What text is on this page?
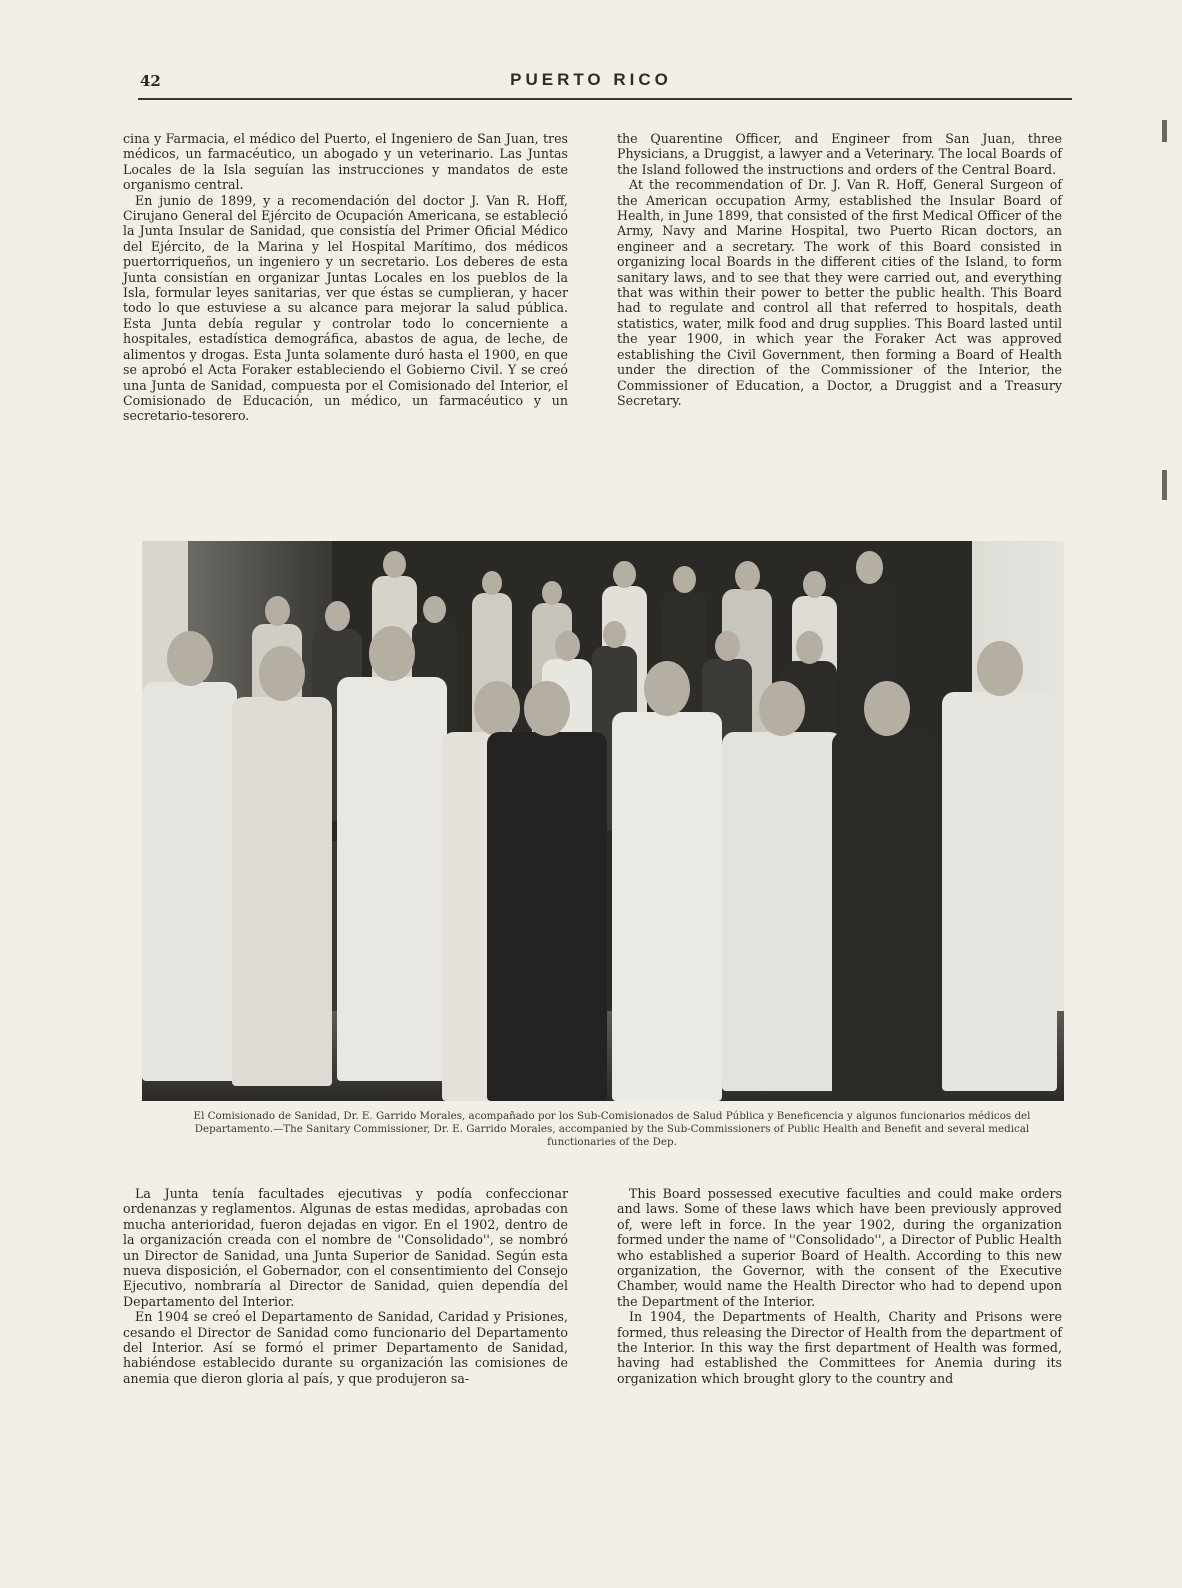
42	PUERTO RICO

cina y Farmacia, el médico del Puerto, el Ingeniero de San Juan, tres médicos, un farmacéutico, un abogado y un veterinario. Las Juntas Locales de la Isla seguían las instrucciones y mandatos de este organismo central.

En junio de 1899, y a recomendación del doctor J. Van R. Hoff, Cirujano General del Ejército de Ocupación Americana, se estableció la Junta Insular de Sanidad, que consistía del Primer Oficial Médico del Ejército, de la Marina y lel Hospital Marítimo, dos médicos puertorriqueños, un ingeniero y un secretario. Los deberes de esta Junta consistían en organizar Juntas Locales en los pueblos de la Isla, formular leyes sanitarias, ver que éstas se cumplieran, y hacer todo lo que estuviese a su alcance para mejorar la salud pública. Esta Junta debía regular y controlar todo lo concerniente a hospitales, estadística demográfica, abastos de agua, de leche, de alimentos y drogas. Esta Junta solamente duró hasta el 1900, en que se aprobó el Acta Foraker estableciendo el Gobierno Civil. Y se creó una Junta de Sanidad, compuesta por el Comisionado del Interior, el Comisionado de Educación, un médico, un farmacéutico y un secretario-tesorero.

the Quarentine Officer, and Engineer from San Juan, three Physicians, a Druggist, a lawyer and a Veterinary. The local Boards of the Island followed the instructions and orders of the Central Board.

At the recommendation of Dr. J. Van R. Hoff, General Surgeon of the American occupation Army, established the Insular Board of Health, in June 1899, that consisted of the first Medical Officer of the Army, Navy and Marine Hospital, two Puerto Rican doctors, an engineer and a secretary. The work of this Board consisted in organizing local Boards in the different cities of the Island, to form sanitary laws, and to see that they were carried out, and everything that was within their power to better the public health. This Board had to regulate and control all that referred to hospitals, death statistics, water, milk food and drug supplies. This Board lasted until the year 1900, in which year the Foraker Act was approved establishing the Civil Government, then forming a Board of Health under the direction of the Commissioner of the Interior, the Commissioner of Education, a Doctor, a Druggist and a Treasury Secretary.

El Comisionado de Sanidad, Dr. E. Garrido Morales, acompañado por los Sub-Comisionados de Salud Pública y Beneficencia y algunos funcionarios médicos del Departamento.—The Sanitary Commissioner, Dr. E. Garrido Morales, accompanied by the Sub-Commissioners of Public Health and Benefit and several medical functionaries of the Dep.

La Junta tenía facultades ejecutivas y podía confeccionar ordenanzas y reglamentos. Algunas de estas medidas, aprobadas con mucha anterioridad, fueron dejadas en vigor. En el 1902, dentro de la organización creada con el nombre de ''Consolidado'', se nombró un Director de Sanidad, una Junta Superior de Sanidad. Según esta nueva disposición, el Gobernador, con el consentimiento del Consejo Ejecutivo, nombraría al Director de Sanidad, quien dependía del Departamento del Interior.

En 1904 se creó el Departamento de Sanidad, Caridad y Prisiones, cesando el Director de Sanidad como funcionario del Departamento del Interior. Así se formó el primer Departamento de Sanidad, habiéndose establecido durante su organización las comisiones de anemia que dieron gloria al país, y que produjeron sa-

This Board possessed executive faculties and could make orders and laws. Some of these laws which have been previously approved of, were left in force. In the year 1902, during the organization formed under the name of ''Consolidado'', a Director of Public Health who established a superior Board of Health. According to this new organization, the Governor, with the consent of the Executive Chamber, would name the Health Director who had to depend upon the Department of the Interior.

In 1904, the Departments of Health, Charity and Prisons were formed, thus releasing the Director of Health from the department of the Interior. In this way the first department of Health was formed, having had established the Committees for Anemia during its organization which brought glory to the country and
